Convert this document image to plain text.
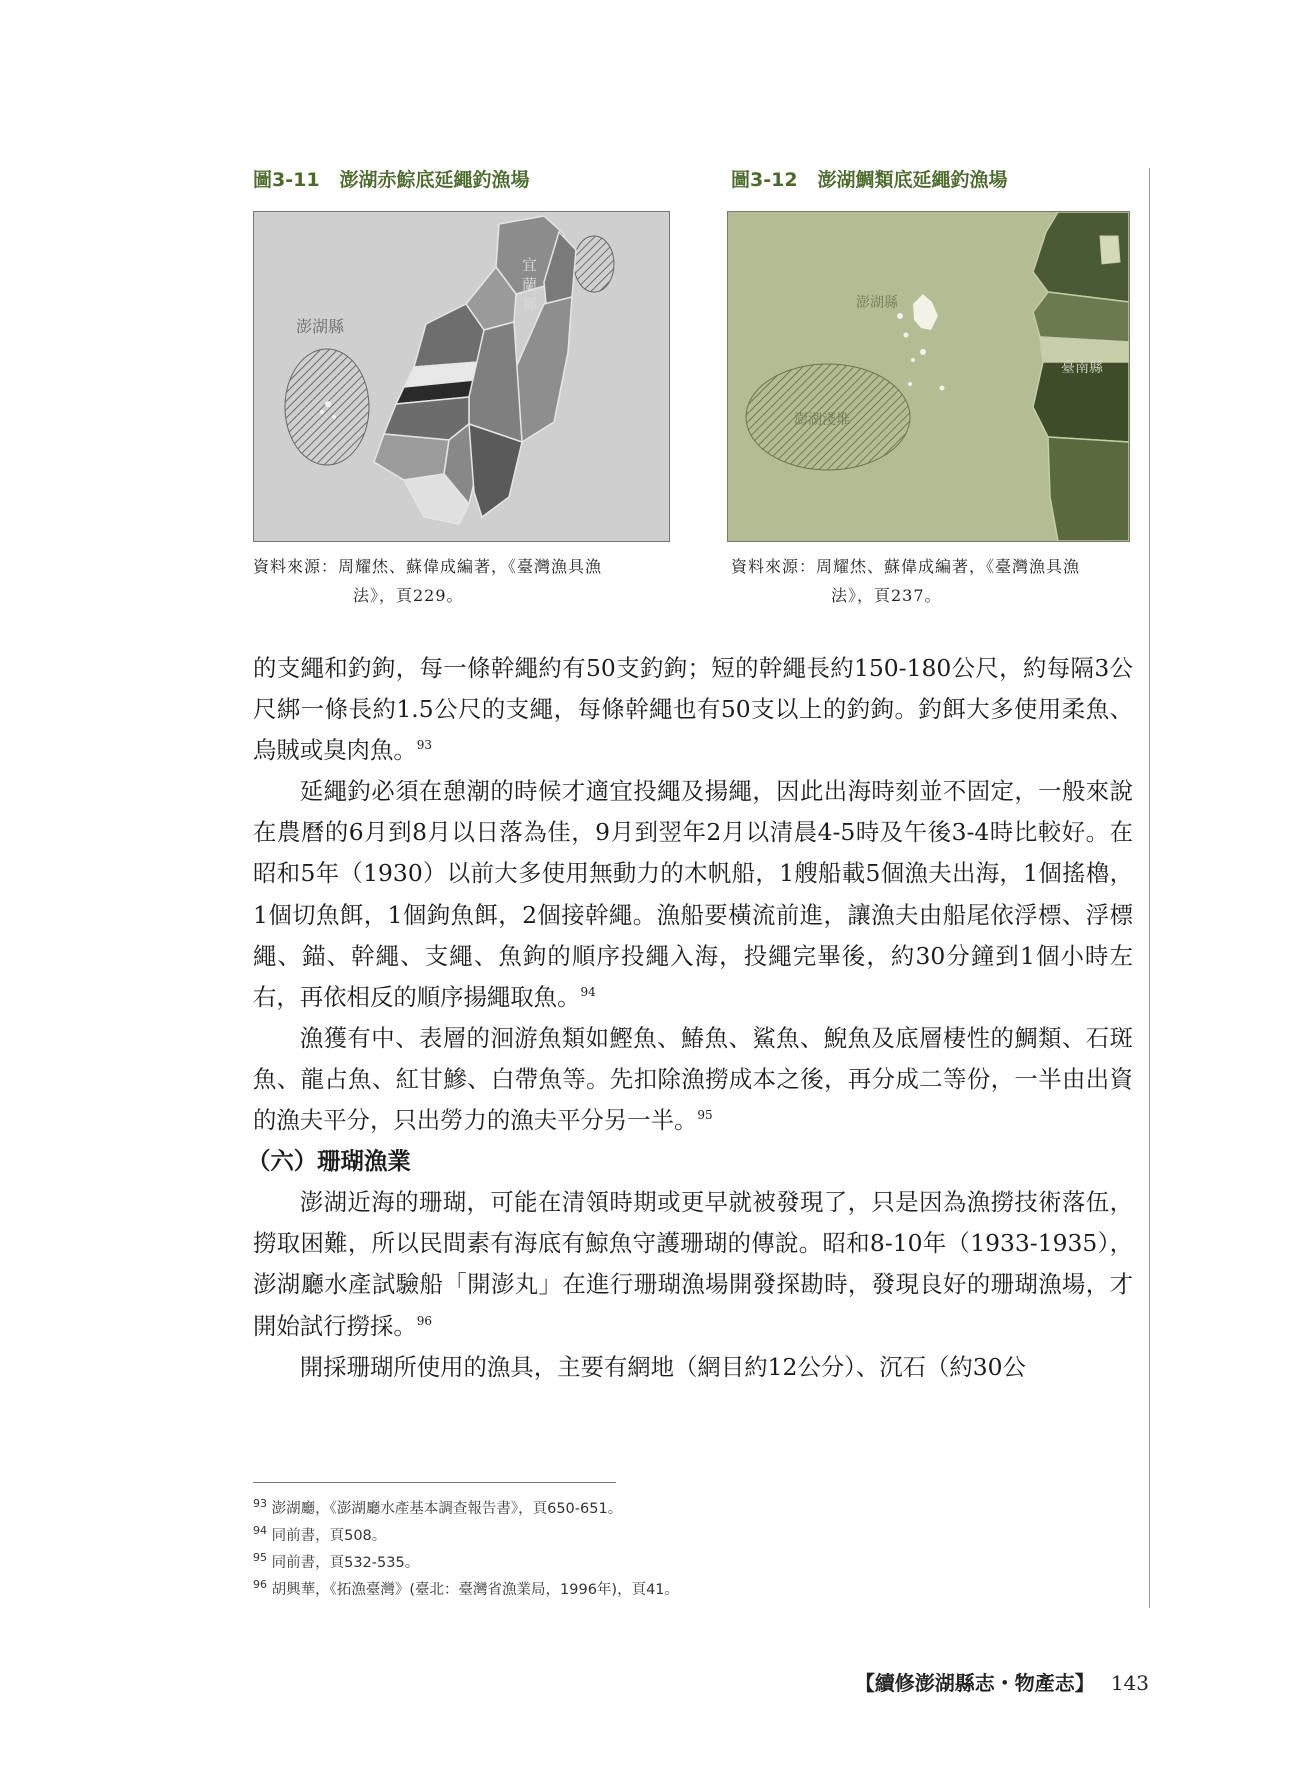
圖3-11 澎湖赤鯮底延繩釣漁場
澎湖縣
宜
蘭
縣
資料來源：周耀烋、蘇偉成編著，《臺灣漁具漁
法》，頁229。
圖3-12 澎湖鯛類底延繩釣漁場
澎湖縣
臺南縣
澎湖淺堆
資料來源：周耀烋、蘇偉成編著，《臺灣漁具漁
法》，頁237。

的支繩和釣鉤，每一條幹繩約有50支釣鉤；短的幹繩長約150-180公尺，約每隔3公尺綁一條長約1.5公尺的支繩，每條幹繩也有50支以上的釣鉤。釣餌大多使用柔魚、烏賊或臭肉魚。$^{93}$

延繩釣必須在憩潮的時候才適宜投繩及揚繩，因此出海時刻並不固定，一般來說在農曆的6月到8月以日落為佳，9月到翌年2月以清晨4-5時及午後3-4時比較好。在昭和5年（1930）以前大多使用無動力的木帆船，1艘船載5個漁夫出海，1個搖櫓，1個切魚餌，1個鉤魚餌，2個接幹繩。漁船要橫流前進，讓漁夫由船尾依浮標、浮標繩、錨、幹繩、支繩、魚鉤的順序投繩入海，投繩完畢後，約30分鐘到1個小時左右，再依相反的順序揚繩取魚。$^{94}$

漁獲有中、表層的洄游魚類如鰹魚、鰆魚、鯊魚、鯢魚及底層棲性的鯛類、石斑魚、龍占魚、紅甘鰺、白帶魚等。先扣除漁撈成本之後，再分成二等份，一半由出資的漁夫平分，只出勞力的漁夫平分另一半。$^{95}$

（六）珊瑚漁業

澎湖近海的珊瑚，可能在清領時期或更早就被發現了，只是因為漁撈技術落伍，撈取困難，所以民間素有海底有鯨魚守護珊瑚的傳說。昭和8-10年（1933-1935），澎湖廳水產試驗船「開澎丸」在進行珊瑚漁場開發探勘時，發現良好的珊瑚漁場，才開始試行撈採。$^{96}$

開採珊瑚所使用的漁具，主要有網地（網目約12公分）、沉石（約30公

$^{93}$ 澎湖廳，《澎湖廳水產基本調查報告書》，頁650-651。
$^{94}$ 同前書，頁508。
$^{95}$ 同前書，頁532-535。
$^{96}$ 胡興華，《拓漁臺灣》(臺北：臺灣省漁業局，1996年)，頁41。
【續修澎湖縣志・物產志】 143
